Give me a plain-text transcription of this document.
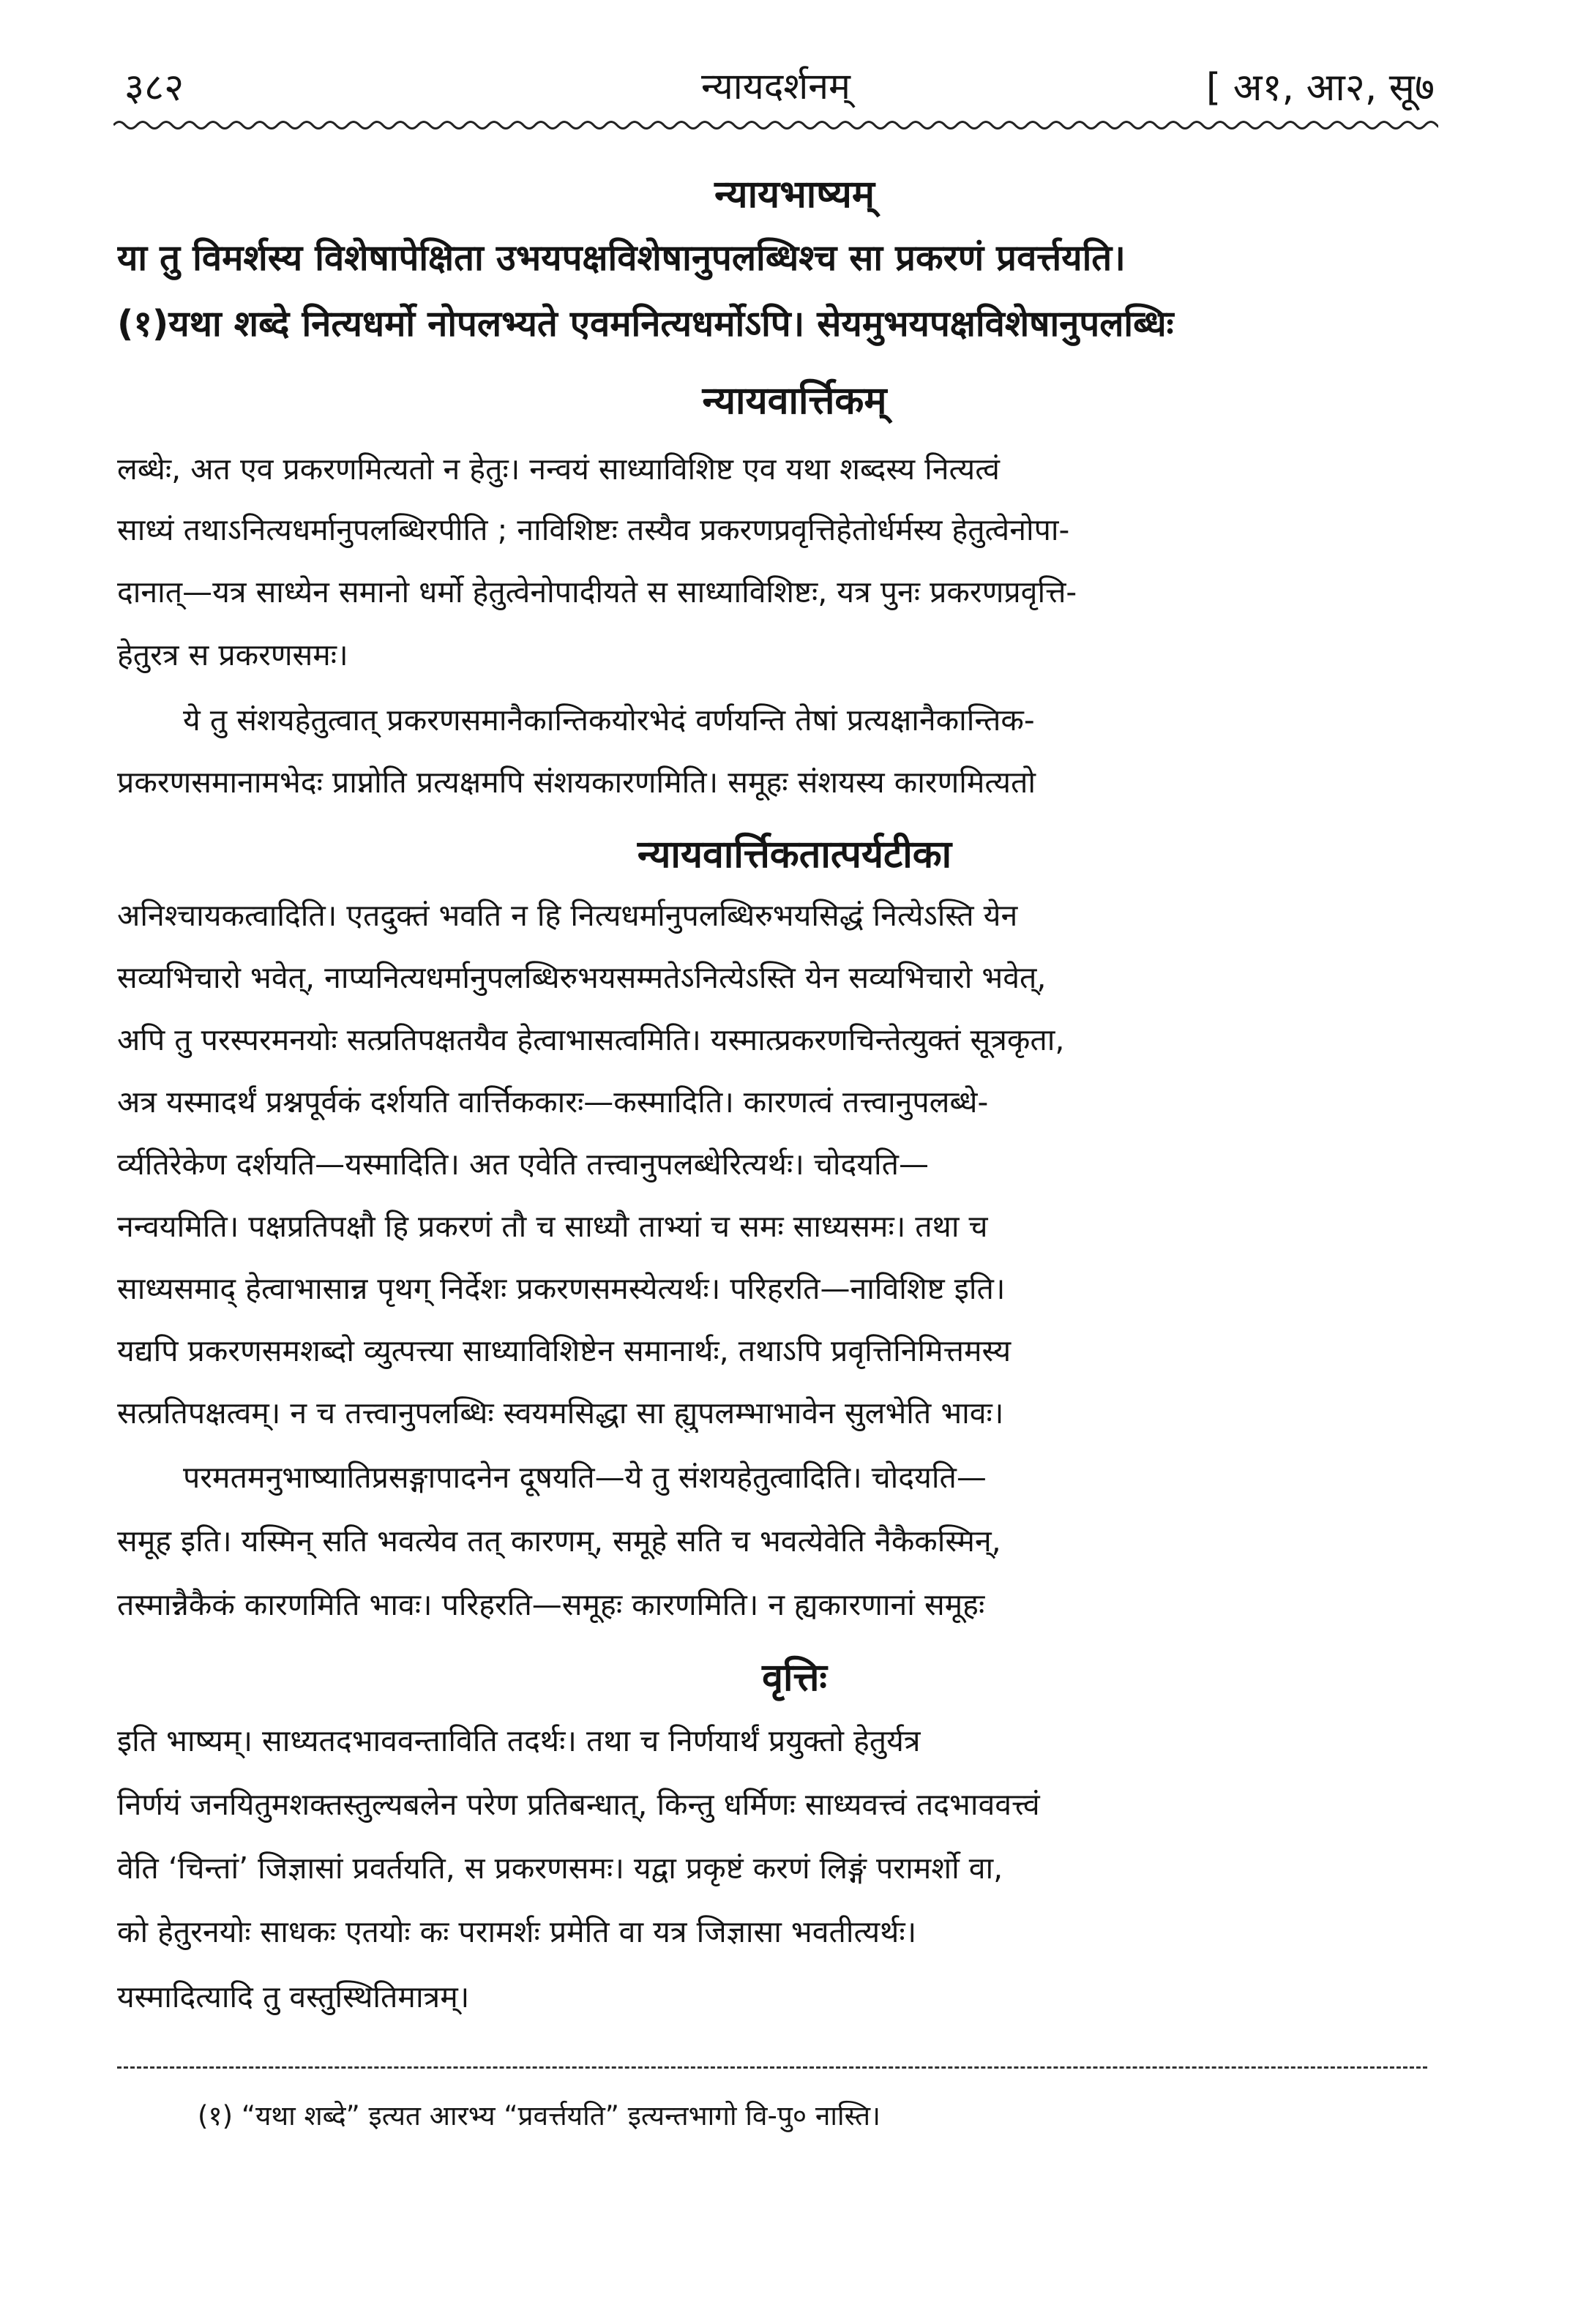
३८२	न्यायदर्शनम्	[ अ१, आ२, सू७
न्यायभाष्यम्
या तु विमर्शस्य विशेषापेक्षिता उभयपक्षविशेषानुपलब्धिश्च सा प्रकरणं प्रवर्त्तयति।
(१)यथा शब्दे नित्यधर्मो नोपलभ्यते एवमनित्यधर्मोऽपि। सेयमुभयपक्षविशेषानुपलब्धिः
न्यायवार्त्तिकम्
लब्धेः, अत एव प्रकरणमित्यतो न हेतुः। नन्वयं साध्याविशिष्ट एव यथा शब्दस्य नित्यत्वं
साध्यं तथाऽनित्यधर्मानुपलब्धिरपीति ; नाविशिष्टः तस्यैव प्रकरणप्रवृत्तिहेतोर्धर्मस्य हेतुत्वेनोपा-
दानात्—यत्र साध्येन समानो धर्मो हेतुत्वेनोपादीयते स साध्याविशिष्टः, यत्र पुनः प्रकरणप्रवृत्ति-
हेतुरत्र स प्रकरणसमः।
ये तु संशयहेतुत्वात् प्रकरणसमानैकान्तिकयोरभेदं वर्णयन्ति तेषां प्रत्यक्षानैकान्तिक-
प्रकरणसमानामभेदः प्राप्नोति प्रत्यक्षमपि संशयकारणमिति। समूहः संशयस्य कारणमित्यतो
न्यायवार्त्तिकतात्पर्यटीका
अनिश्चायकत्वादिति। एतदुक्तं भवति न हि नित्यधर्मानुपलब्धिरुभयसिद्धं नित्येऽस्ति येन
सव्यभिचारो भवेत्, नाप्यनित्यधर्मानुपलब्धिरुभयसम्मतेऽनित्येऽस्ति येन सव्यभिचारो भवेत्,
अपि तु परस्परमनयोः सत्प्रतिपक्षतयैव हेत्वाभासत्वमिति। यस्मात्प्रकरणचिन्तेत्युक्तं सूत्रकृता,
अत्र यस्मादर्थं प्रश्नपूर्वकं दर्शयति वार्त्तिककारः—कस्मादिति। कारणत्वं तत्त्वानुपलब्धे-
र्व्यतिरेकेण दर्शयति—यस्मादिति। अत एवेति तत्त्वानुपलब्धेरित्यर्थः। चोदयति—
नन्वयमिति। पक्षप्रतिपक्षौ हि प्रकरणं तौ च साध्यौ ताभ्यां च समः साध्यसमः। तथा च
साध्यसमाद् हेत्वाभासान्न पृथग् निर्देशः प्रकरणसमस्येत्यर्थः। परिहरति—नाविशिष्ट इति।
यद्यपि प्रकरणसमशब्दो व्युत्पत्त्या साध्याविशिष्टेन समानार्थः, तथाऽपि प्रवृत्तिनिमित्तमस्य
सत्प्रतिपक्षत्वम्। न च तत्त्वानुपलब्धिः स्वयमसिद्धा सा ह्युपलम्भाभावेन सुलभेति भावः।
परमतमनुभाष्यातिप्रसङ्गापादनेन दूषयति—ये तु संशयहेतुत्वादिति। चोदयति—
समूह इति। यस्मिन् सति भवत्येव तत् कारणम्, समूहे सति च भवत्येवेति नैकैकस्मिन्,
तस्मान्नैकैकं कारणमिति भावः। परिहरति—समूहः कारणमिति। न ह्यकारणानां समूहः
वृत्तिः
इति भाष्यम्। साध्यतदभाववन्ताविति तदर्थः। तथा च निर्णयार्थं प्रयुक्तो हेतुर्यत्र
निर्णयं जनयितुमशक्तस्तुल्यबलेन परेण प्रतिबन्धात्, किन्तु धर्मिणः साध्यवत्त्वं तदभाववत्त्वं
वेति ‘चिन्तां’ जिज्ञासां प्रवर्तयति, स प्रकरणसमः। यद्वा प्रकृष्टं करणं लिङ्गं परामर्शो वा,
को हेतुरनयोः साधकः एतयोः कः परामर्शः प्रमेति वा यत्र जिज्ञासा भवतीत्यर्थः।
यस्मादित्यादि तु वस्तुस्थितिमात्रम्।
(१) “यथा शब्दे” इत्यत आरभ्य “प्रवर्त्तयति” इत्यन्तभागो वि-पु० नास्ति।
